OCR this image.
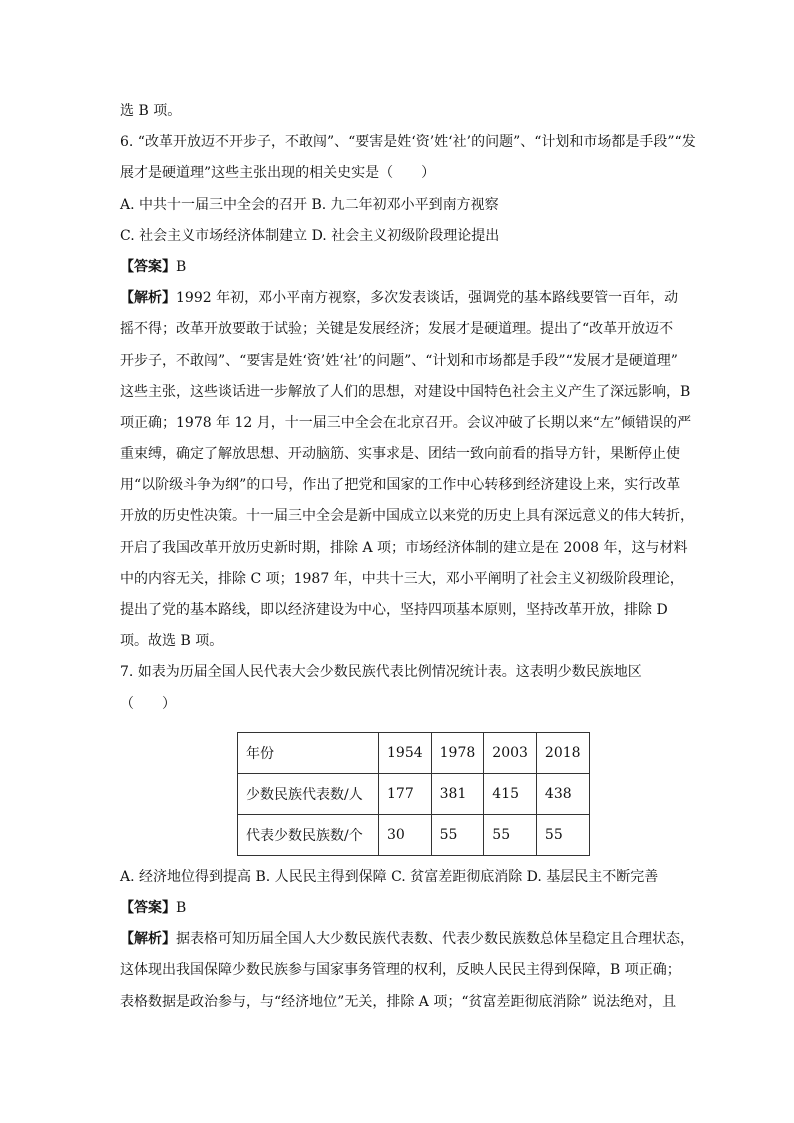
选 B 项。
6. “改革开放迈不开步子，不敢闯”、“要害是姓‘资’姓‘社’的问题”、“计划和市场都是手段”“发
展才是硬道理”这些主张出现的相关史实是（　　）
A. 中共十一届三中全会的召开 B. 九二年初邓小平到南方视察
C. 社会主义市场经济体制建立 D. 社会主义初级阶段理论提出
【答案】B
【解析】1992 年初，邓小平南方视察，多次发表谈话，强调党的基本路线要管一百年，动
摇不得；改革开放要敢于试验；关键是发展经济；发展才是硬道理。提出了“改革开放迈不
开步子，不敢闯”、“要害是姓‘资’姓‘社’的问题”、“计划和市场都是手段”“发展才是硬道理”
这些主张，这些谈话进一步解放了人们的思想，对建设中国特色社会主义产生了深远影响，B
项正确；1978 年 12 月，十一届三中全会在北京召开。会议冲破了长期以来“左”倾错误的严
重束缚，确定了解放思想、开动脑筋、实事求是、团结一致向前看的指导方针，果断停止使
用“以阶级斗争为纲”的口号，作出了把党和国家的工作中心转移到经济建设上来，实行改革
开放的历史性决策。十一届三中全会是新中国成立以来党的历史上具有深远意义的伟大转折，
开启了我国改革开放历史新时期，排除 A 项；市场经济体制的建立是在 2008 年，这与材料
中的内容无关，排除 C 项；1987 年，中共十三大，邓小平阐明了社会主义初级阶段理论，
提出了党的基本路线，即以经济建设为中心，坚持四项基本原则，坚持改革开放，排除 D
项。故选 B 项。
7. 如表为历届全国人民代表大会少数民族代表比例情况统计表。这表明少数民族地区
（　　）
年份	1954	1978	2003	2018
少数民族代表数/人	177	381	415	438
代表少数民族数/个	30	55	55	55
A. 经济地位得到提高 B. 人民民主得到保障 C. 贫富差距彻底消除 D. 基层民主不断完善
【答案】B
【解析】据表格可知历届全国人大少数民族代表数、代表少数民族数总体呈稳定且合理状态，
这体现出我国保障少数民族参与国家事务管理的权利，反映人民民主得到保障，B 项正确；
表格数据是政治参与，与“经济地位”无关，排除 A 项；“贫富差距彻底消除” 说法绝对，且
